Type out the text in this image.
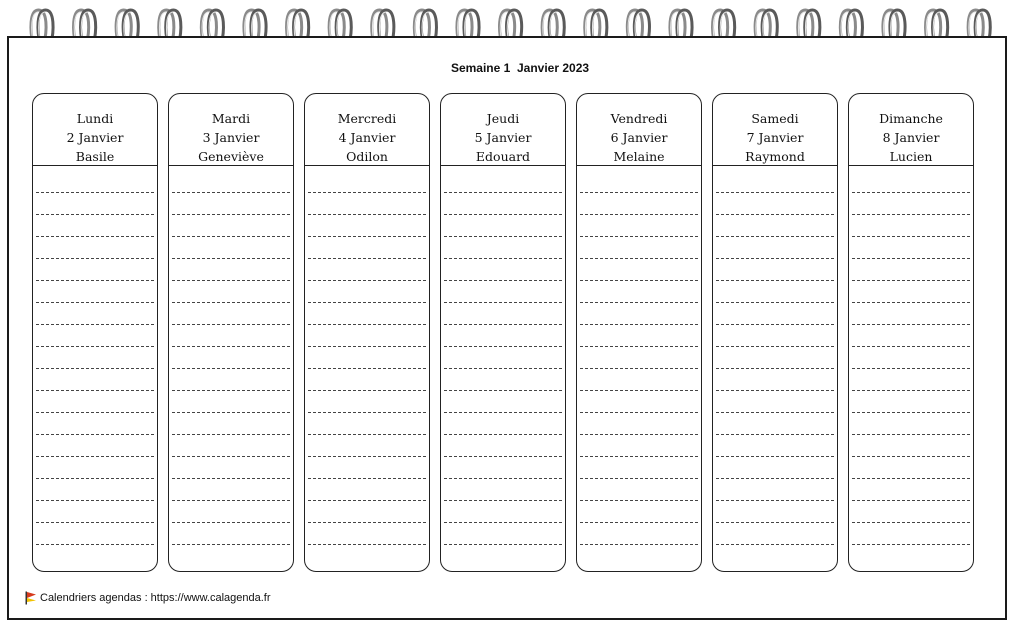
Semaine 1 Janvier 2023
Lundi
2 Janvier
Basile
Mardi
3 Janvier
Geneviève
Mercredi
4 Janvier
Odilon
Jeudi
5 Janvier
Edouard
Vendredi
6 Janvier
Melaine
Samedi
7 Janvier
Raymond
Dimanche
8 Janvier
Lucien
Calendriers agendas : https://www.calagenda.fr
